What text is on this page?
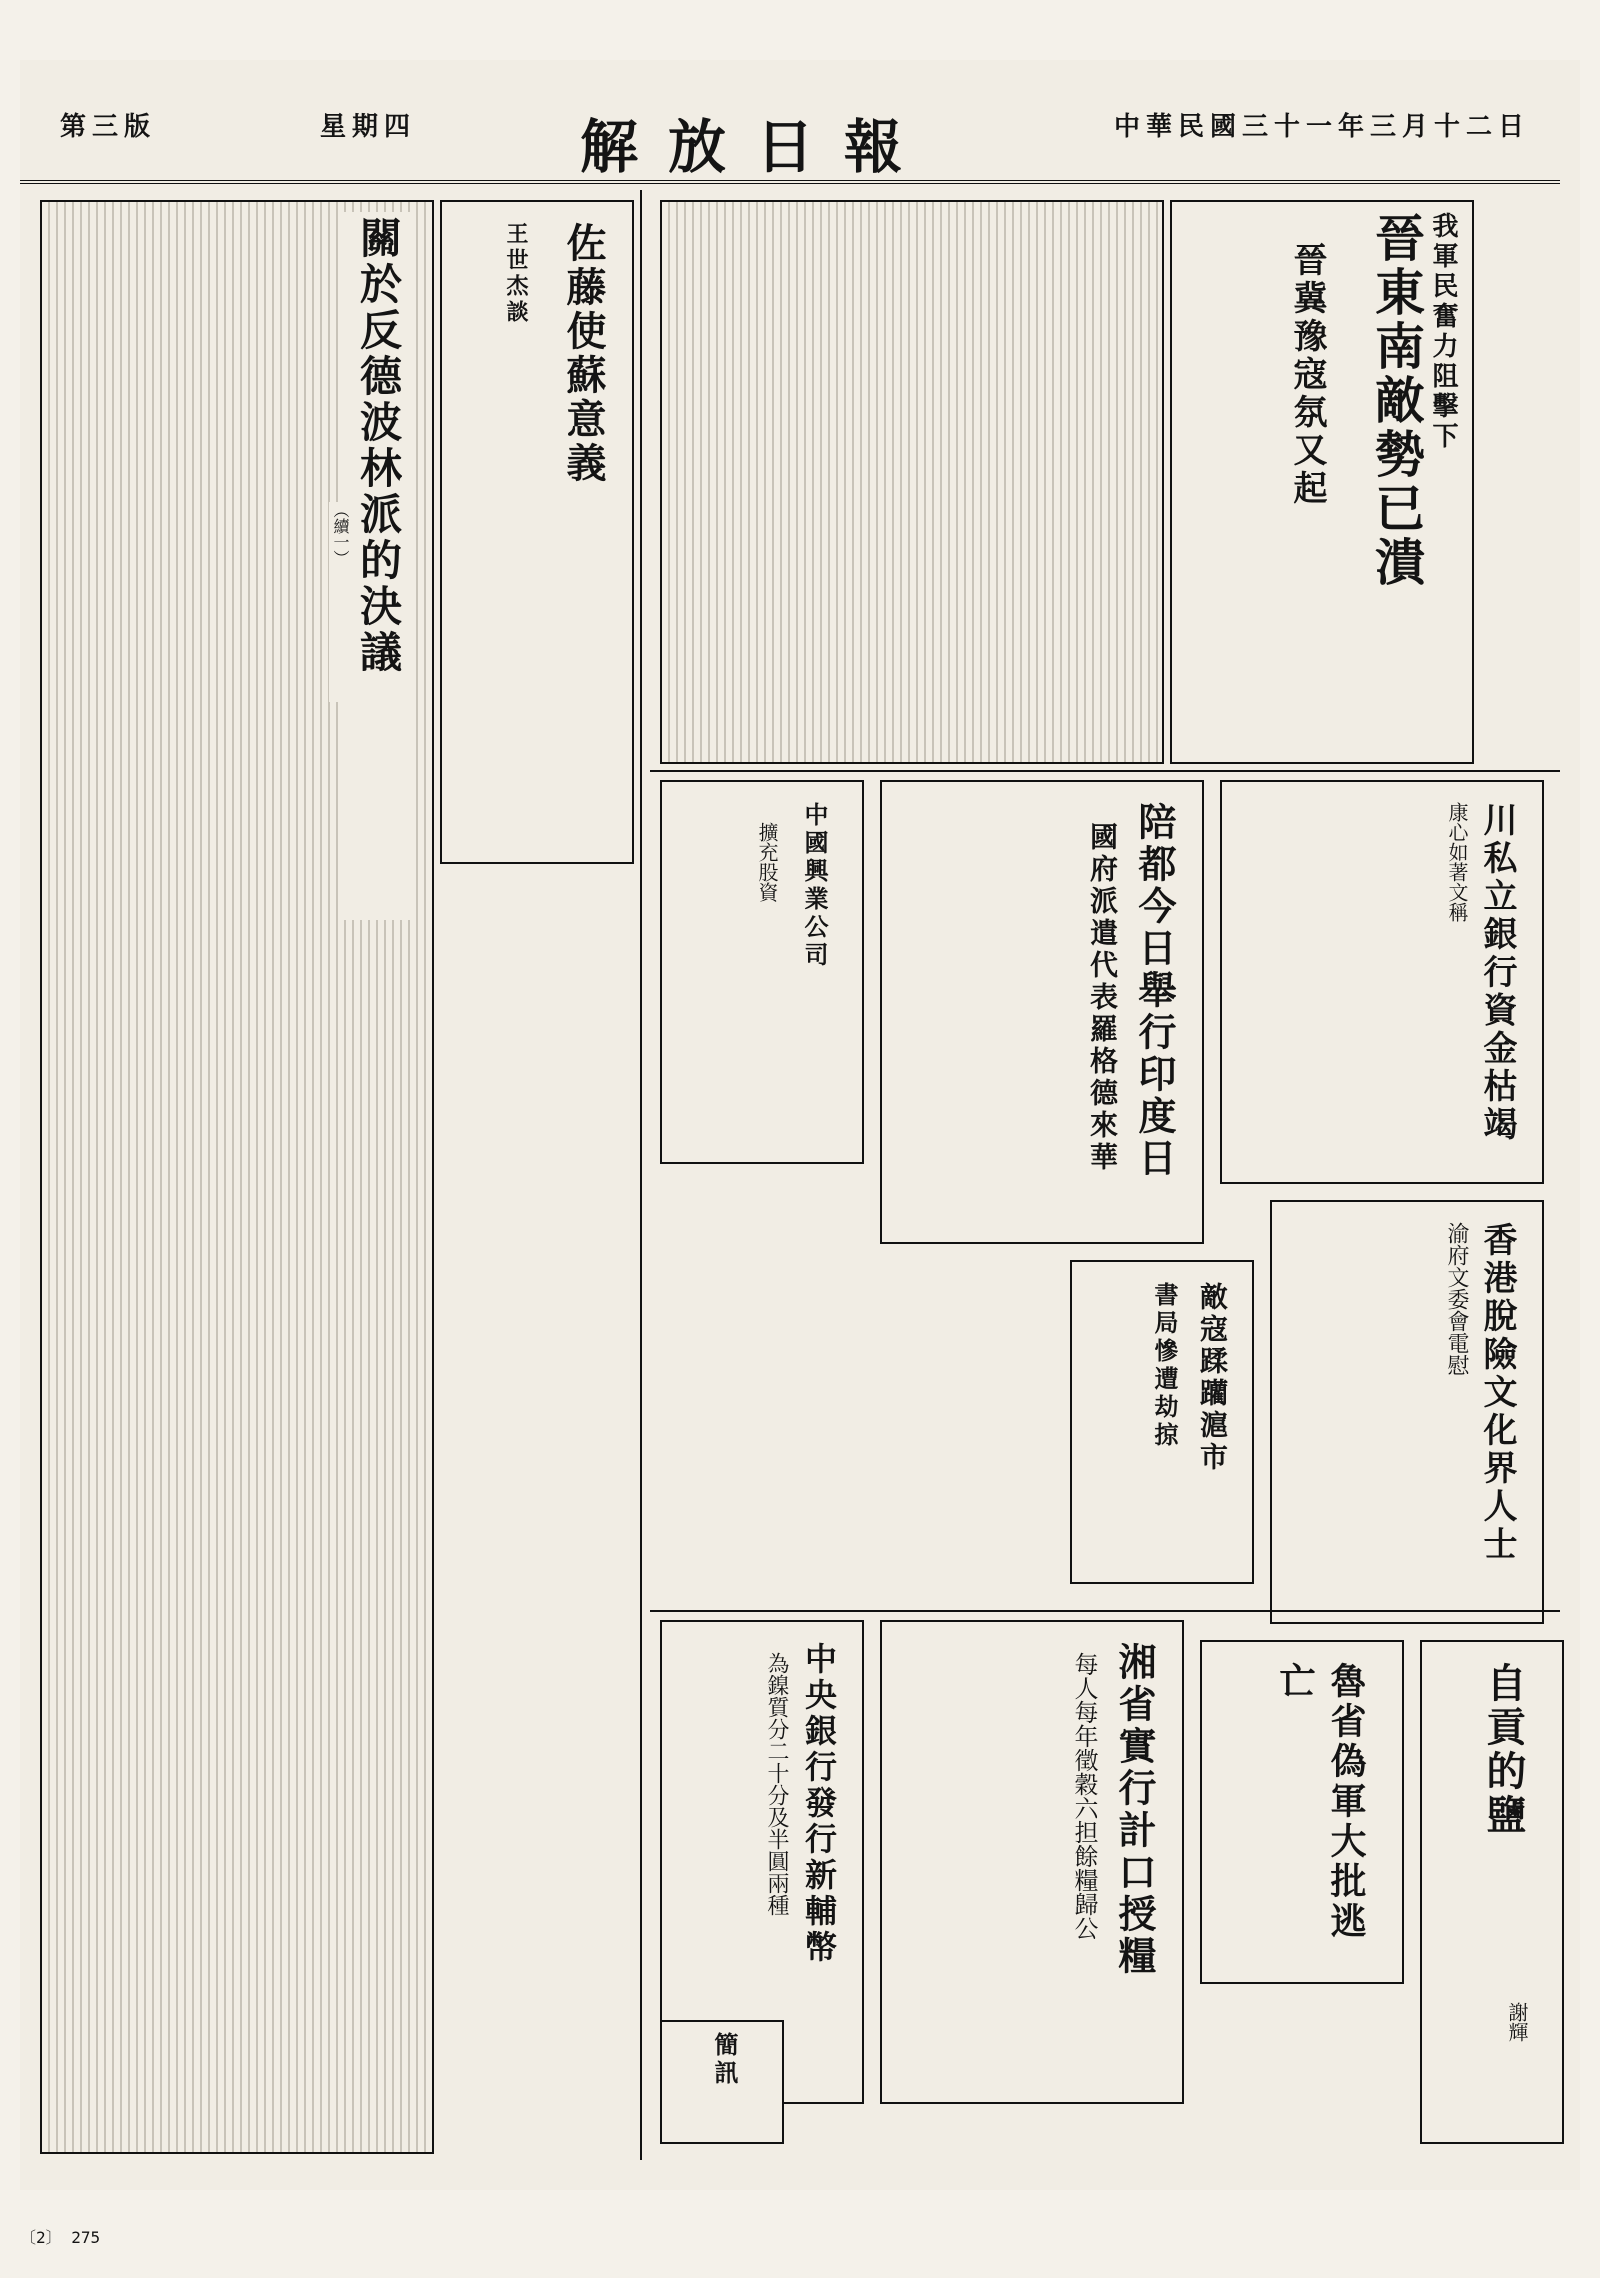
中華民國三十一年三月十二日
解放日報
星期四
第三版
晉東南敵勢已潰 我軍民奮力阻擊下
晉冀豫寇氛又起
佐藤使蘇意義
王世杰談
關於反德波林派的決議
（續一）
川私立銀行資金枯竭
康心如著文稱
陪都今日舉行印度日
國府派遣代表羅格德來華
中國興業公司
擴充股資
香港脫險文化界人士
渝府文委會電慰
敵寇蹂躪滬市
書局慘遭劫掠
湘省實行計口授糧
每人每年徵穀六担餘糧歸公	魯省偽軍大批逃亡	自貢的鹽
謝輝
中央銀行發行新輔幣
為鎳質分二十分及半圓兩種
簡訊
〔2〕 275
